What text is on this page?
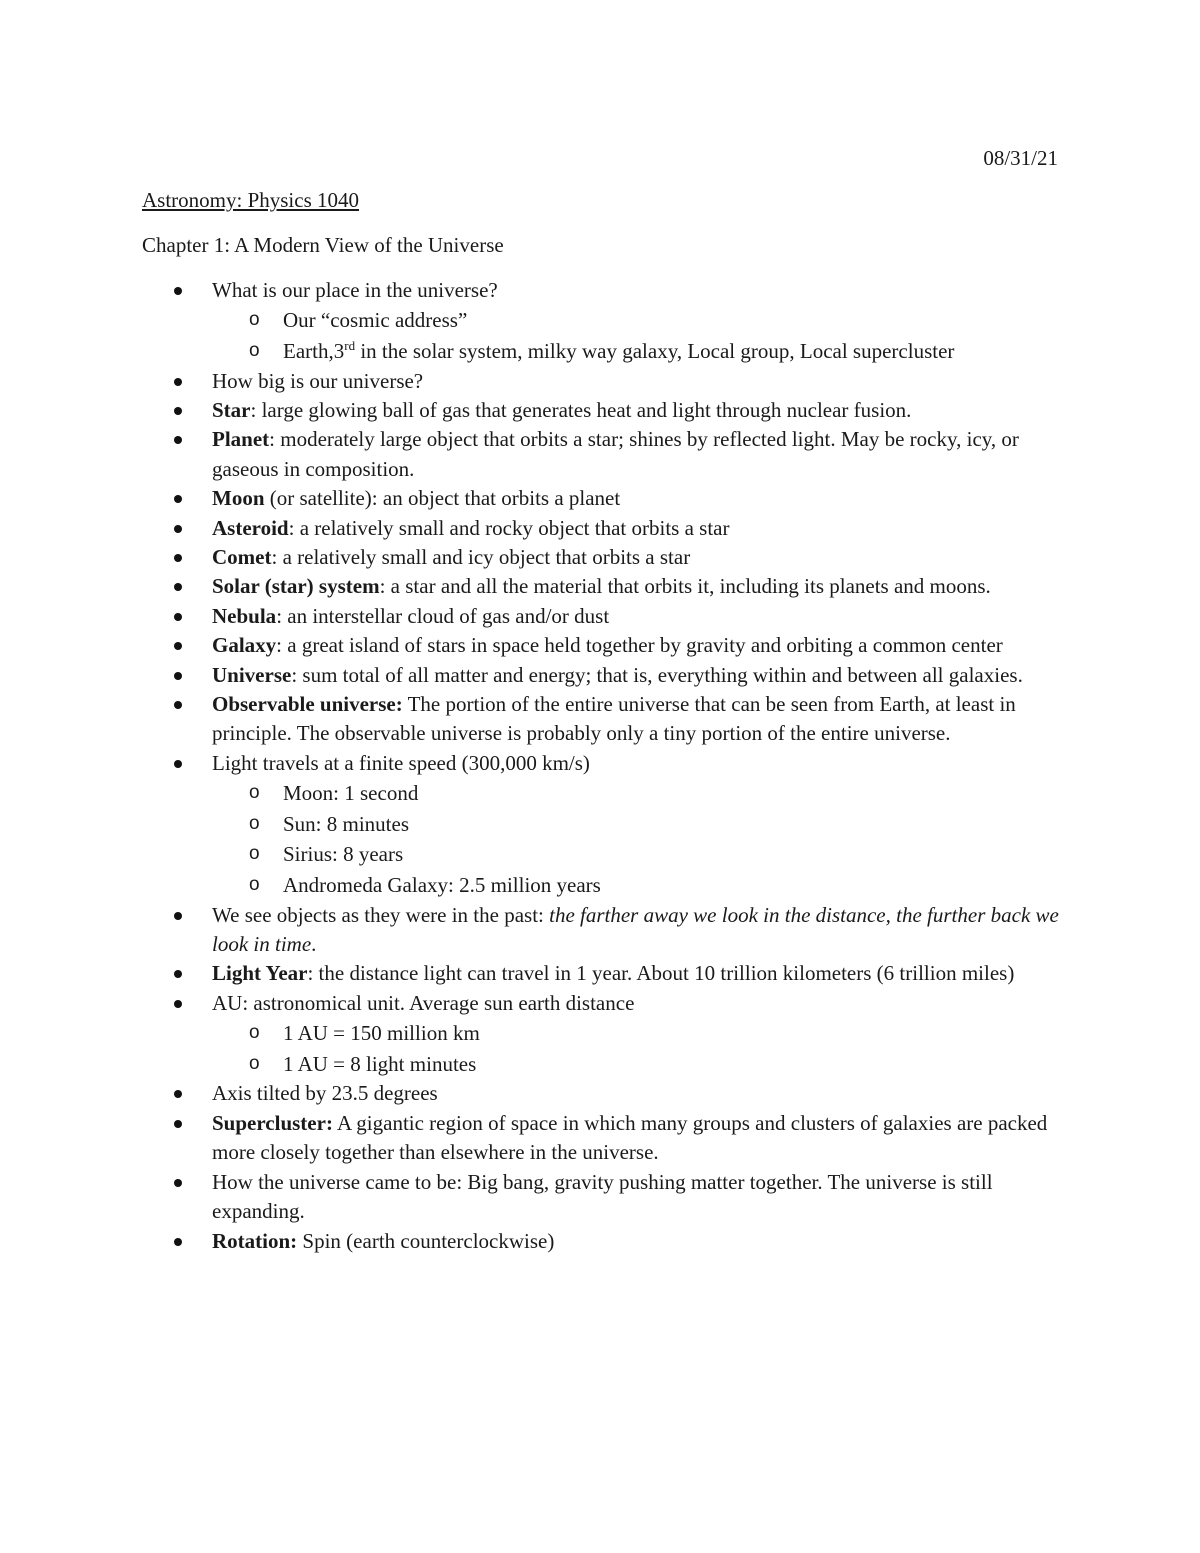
08/31/21
Astronomy: Physics 1040
Chapter 1: A Modern View of the Universe
What is our place in the universe?
o Our “cosmic address”
o Earth,3rd in the solar system, milky way galaxy, Local group, Local supercluster
How big is our universe?
Star: large glowing ball of gas that generates heat and light through nuclear fusion.
Planet: moderately large object that orbits a star; shines by reflected light. May be rocky, icy, or gaseous in composition.
Moon (or satellite): an object that orbits a planet
Asteroid: a relatively small and rocky object that orbits a star
Comet: a relatively small and icy object that orbits a star
Solar (star) system: a star and all the material that orbits it, including its planets and moons.
Nebula: an interstellar cloud of gas and/or dust
Galaxy: a great island of stars in space held together by gravity and orbiting a common center
Universe: sum total of all matter and energy; that is, everything within and between all galaxies.
Observable universe: The portion of the entire universe that can be seen from Earth, at least in principle. The observable universe is probably only a tiny portion of the entire universe.
Light travels at a finite speed (300,000 km/s)
o Moon: 1 second
o Sun: 8 minutes
o Sirius: 8 years
o Andromeda Galaxy: 2.5 million years
We see objects as they were in the past: the farther away we look in the distance, the further back we look in time.
Light Year: the distance light can travel in 1 year. About 10 trillion kilometers (6 trillion miles)
AU: astronomical unit. Average sun earth distance
o 1 AU = 150 million km
o 1 AU = 8 light minutes
Axis tilted by 23.5 degrees
Supercluster: A gigantic region of space in which many groups and clusters of galaxies are packed more closely together than elsewhere in the universe.
How the universe came to be: Big bang, gravity pushing matter together. The universe is still expanding.
Rotation: Spin (earth counterclockwise)
